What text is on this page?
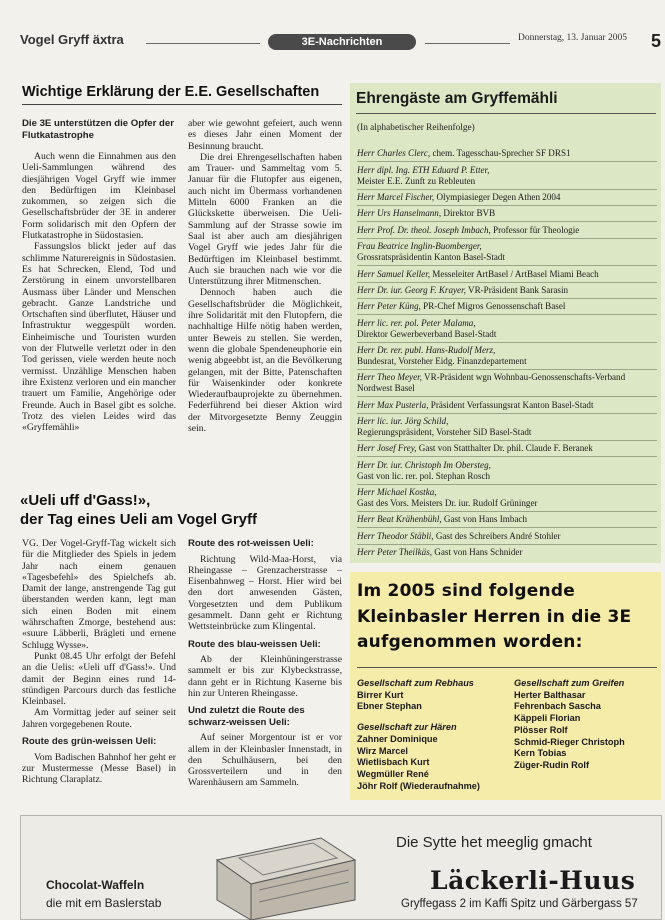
Vogel Gryff äxtra	3E-Nachrichten	Donnerstag, 13. Januar 2005 5
Wichtige Erklärung der E.E. Gesellschaften

Die 3E unterstützen die Opfer der Flutkatastrophe

Auch wenn die Einnahmen aus den Ueli-Sammlungen während des diesjährigen Vogel Gryff wie immer den Bedürftigen im Kleinbasel zukommen, so zeigen sich die Gesellschaftsbrüder der 3E in anderer Form solidarisch mit den Opfern der Flutkatastrophe in Südostasien.

Fassungslos blickt jeder auf das schlimme Naturereignis in Südostasien. Es hat Schrecken, Elend, Tod und Zerstörung in einem unvorstellbaren Ausmass über Länder und Menschen gebracht. Ganze Landstriche und Ortschaften sind überflutet, Häuser und Infrastruktur weggespült worden. Einheimische und Touristen wurden von der Flutwelle verletzt oder in den Tod gerissen, viele werden heute noch vermisst. Unzählige Menschen haben ihre Existenz verloren und ein mancher trauert um Familie, Angehörige oder Freunde. Auch in Basel gibt es solche. Trotz des vielen Leides wird das «Gryffemähli»

aber wie gewohnt gefeiert, auch wenn es dieses Jahr einen Moment der Besinnung braucht.

Die drei Ehrengesellschaften haben am Trauer- und Sammeltag vom 5. Januar für die Flutopfer aus eigenen, auch nicht im Übermass vorhandenen Mitteln 6000 Franken an die Glückskette überweisen. Die Ueli-Sammlung auf der Strasse sowie im Saal ist aber auch am diesjährigen Vogel Gryff wie jedes Jahr für die Bedürftigen im Kleinbasel bestimmt. Auch sie brauchen nach wie vor die Unterstützung ihrer Mitmenschen.

Dennoch haben auch die Gesellschaftsbrüder die Möglichkeit, ihre Solidarität mit den Flutopfern, die nachhaltige Hilfe nötig haben werden, unter Beweis zu stellen. Sie werden, wenn die globale Spendeneuphorie ein wenig abgeebbt ist, an die Bevölkerung gelangen, mit der Bitte, Patenschaften für Waisenkinder oder konkrete Wiederaufbauprojekte zu übernehmen. Federführend bei dieser Aktion wird der Mitvorgesetzte Benny Zeuggin sein.

«Ueli uff d'Gass!»,
der Tag eines Ueli am Vogel Gryff

VG. Der Vogel-Gryff-Tag wickelt sich für die Mitglieder des Spiels in jedem Jahr nach einem genauen «Tagesbefehl» des Spielchefs ab. Damit der lange, anstrengende Tag gut überstanden werden kann, legt man sich einen Boden mit einem währschaften Zmorge, bestehend aus: «suure Läbberli, Brägleti und ernene Schlugg Wysse».

Punkt 08.45 Uhr erfolgt der Befehl an die Uelis: «Ueli uff d'Gass!». Und damit der Beginn eines rund 14-stündigen Parcours durch das festliche Kleinbasel.

Am Vormittag jeder auf seiner seit Jahren vorgegebenen Route.

Route des grün-weissen Ueli:

Vom Badischen Bahnhof her geht er zur Mustermesse (Messe Basel) in Richtung Claraplatz.

Route des rot-weissen Ueli:

Richtung Wild-Maa-Horst, via Rheingasse – Grenzacherstrasse – Eisenbahnweg – Horst. Hier wird bei den dort anwesenden Gästen, Vorgesetzten und dem Publikum gesammelt. Dann geht er Richtung Wettsteinbrücke zum Klingental.

Route des blau-weissen Ueli:

Ab der Kleinhüningerstrasse sammelt er bis zur Klybeckstrasse, dann geht er in Richtung Kaserne bis hin zur Unteren Rheingasse.

Und zuletzt die Route des schwarz-weissen Ueli:

Auf seiner Morgentour ist er vor allem in der Kleinbasler Innenstadt, in den Schulhäusern, bei den Grossverteilern und in den Warenhäusern am Sammeln.

Ehrengäste am Gryffemähli
(In alphabetischer Reihenfolge)
Herr Charles Clerc, chem. Tagesschau-Sprecher SF DRS1
Herr dipl. Ing. ETH Eduard P. Etter,
Meister E.E. Zunft zu Rebleuten
Herr Marcel Fischer, Olympiasieger Degen Athen 2004
Herr Urs Hanselmann, Direktor BVB
Herr Prof. Dr. theol. Joseph Imbach, Professor für Theologie
Frau Beatrice Inglin-Buomberger,
Grossratspräsidentin Kanton Basel-Stadt
Herr Samuel Keller, Messeleiter ArtBasel / ArtBasel Miami Beach
Herr Dr. iur. Georg F. Krayer, VR-Präsident Bank Sarasin
Herr Peter Küng, PR-Chef Migros Genossenschaft Basel
Herr lic. rer. pol. Peter Malama,
Direktor Gewerbeverband Basel-Stadt
Herr Dr. rer. publ. Hans-Rudolf Merz,
Bundesrat, Vorsteher Eidg. Finanzdepartement
Herr Theo Meyer, VR-Präsident wgn Wohnbau-Genossenschafts-Verband Nordwest Basel
Herr Max Pusterla, Präsident Verfassungsrat Kanton Basel-Stadt
Herr lic. iur. Jörg Schild,
Regierungspräsident, Vorsteher SiD Basel-Stadt
Herr Josef Frey, Gast von Statthalter Dr. phil. Claude F. Beranek
Herr Dr. iur. Christoph Im Obersteg,
Gast von lic. rer. pol. Stephan Rosch
Herr Michael Kostka,
Gast des Vors. Meisters Dr. iur. Rudolf Grüninger
Herr Beat Krähenbühl, Gast von Hans Imbach
Herr Theodor Stäbli, Gast des Schreibers André Stohler
Herr Peter Theilkäs, Gast von Hans Schnider
Im 2005 sind folgende Kleinbasler Herren in die 3E aufgenommen worden:
Gesellschaft zum Rebhaus
Birrer Kurt
Ebner Stephan
Gesellschaft zur Hären
Zahner Dominique
Wirz Marcel
Wietlisbach Kurt
Wegmüller René
Jöhr Rolf (Wiederaufnahme)
Gesellschaft zum Greifen
Herter Balthasar
Fehrenbach Sascha
Käppeli Florian
Plösser Rolf
Schmid-Rieger Christoph
Kern Tobias
Züger-Rudin Rolf
Chocolat-Waffeln
die mit em Baslerstab
Die Sytte het meeglig gmacht
Läckerli-Huus
Gryffegass 2 im Kaffi Spitz und Gärbergass 57
